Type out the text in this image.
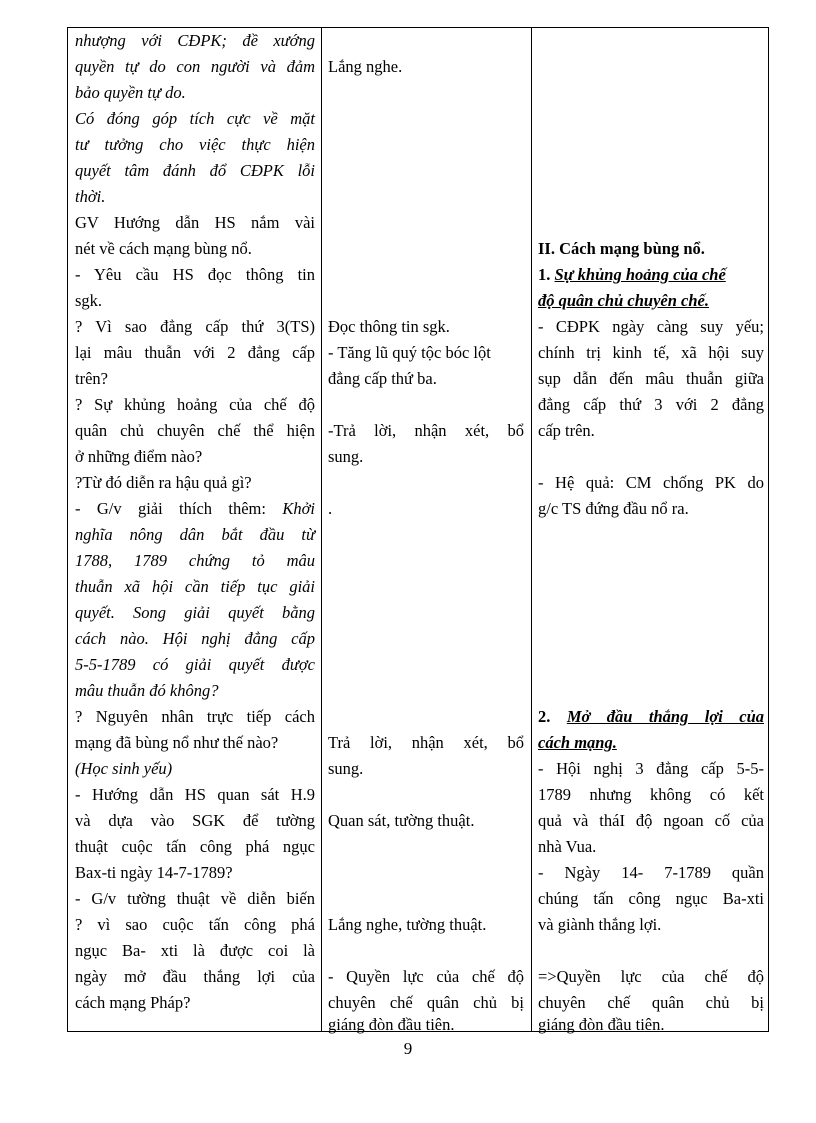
nhượng với CĐPK; đề xướng
quyền tự do con người và đảm
bảo quyền tự do.
Có đóng góp tích cực về mặt
tư tưởng cho việc thực hiện
quyết tâm đánh đổ CĐPK lỗi
thời.
GV Hướng dẫn HS nắm vài
nét về cách mạng bùng nổ.
- Yêu cầu HS đọc thông tin
sgk.
? Vì sao đẳng cấp thứ 3(TS)
lại mâu thuẫn với 2 đẳng cấp
trên?
? Sự khủng hoảng của chế độ
quân chủ chuyên chế thể hiện
ở những điểm nào?
?Từ đó diễn ra hậu quả gì?
- G/v giải thích thêm: Khởi
nghĩa nông dân bắt đầu từ
1788, 1789 chứng tỏ mâu
thuẫn xã hội cần tiếp tục giải
quyết. Song giải quyết bằng
cách nào. Hội nghị đẳng cấp
5-5-1789 có giải quyết được
mâu thuẫn đó không?
? Nguyên nhân trực tiếp cách
mạng đã bùng nổ như thế nào?
(Học sinh yếu)
- Hướng dẫn HS quan sát H.9
và dựa vào SGK để tường
thuật cuộc tấn công phá ngục
Bax-ti ngày 14-7-1789?
- G/v tường thuật về diễn biến
? vì sao cuộc tấn công phá
ngục Ba- xti là được coi là
ngày mở đầu thắng lợi của
cách mạng Pháp?
Lắng nghe.
Đọc thông tin sgk.
- Tăng lũ quý tộc bóc lột
đẳng cấp thứ ba.
-Trả lời, nhận xét, bổ
sung.
.
Trả lời, nhận xét, bổ
sung.
Quan sát, tường thuật.
Lắng nghe, tường thuật.
- Quyền lực của chế độ
chuyên chế quân chủ bị
giáng đòn đầu tiên.
II. Cách mạng bùng nổ.
1. Sự khủng hoảng của chế
độ quân chủ chuyên chế.
- CĐPK ngày càng suy yếu;
chính trị kinh tế, xã hội suy
sụp dẫn đến mâu thuẫn giữa
đẳng cấp thứ 3 với 2 đẳng
cấp trên.
- Hệ quả: CM chống PK do
g/c TS đứng đầu nổ ra.
2. Mở đầu thắng lợi của
cách mạng.
- Hội nghị 3 đẳng cấp 5-5-
1789 nhưng không có kết
quả và tháI độ ngoan cố của
nhà Vua.
- Ngày 14- 7-1789 quần
chúng tấn công ngục Ba-xti
và giành thắng lợi.
=>Quyền lực của chế độ
chuyên chế quân chủ bị
giáng đòn đầu tiên.
9
